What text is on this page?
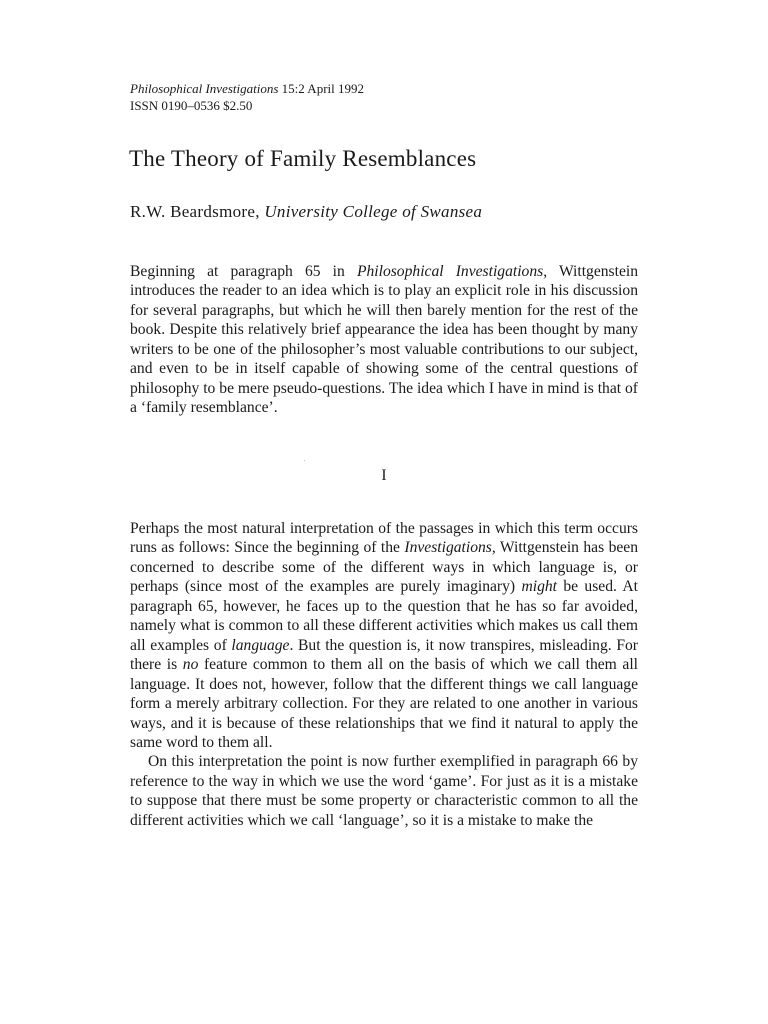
Philosophical Investigations 15:2 April 1992
ISSN 0190–0536 $2.50
The Theory of Family Resemblances
R.W. Beardsmore, University College of Swansea

Beginning at paragraph 65 in Philosophical Investigations, Wittgenstein introduces the reader to an idea which is to play an explicit role in his discussion for several paragraphs, but which he will then barely mention for the rest of the book. Despite this relatively brief appearance the idea has been thought by many writers to be one of the philosopher’s most valuable contributions to our subject, and even to be in itself capable of showing some of the central questions of philosophy to be mere pseudo-questions. The idea which I have in mind is that of a ‘family resemblance’.

I

Perhaps the most natural interpretation of the passages in which this term occurs runs as follows: Since the beginning of the Investigations, Wittgenstein has been concerned to describe some of the different ways in which language is, or perhaps (since most of the examples are purely imaginary) might be used. At paragraph 65, however, he faces up to the question that he has so far avoided, namely what is common to all these different activities which makes us call them all examples of language. But the question is, it now transpires, misleading. For there is no feature common to them all on the basis of which we call them all language. It does not, however, follow that the different things we call language form a merely arbitrary collection. For they are related to one another in various ways, and it is because of these relationships that we find it natural to apply the same word to them all.

On this interpretation the point is now further exemplified in paragraph 66 by reference to the way in which we use the word ‘game’. For just as it is a mistake to suppose that there must be some property or characteristic common to all the different activities which we call ‘language’, so it is a mistake to make the
